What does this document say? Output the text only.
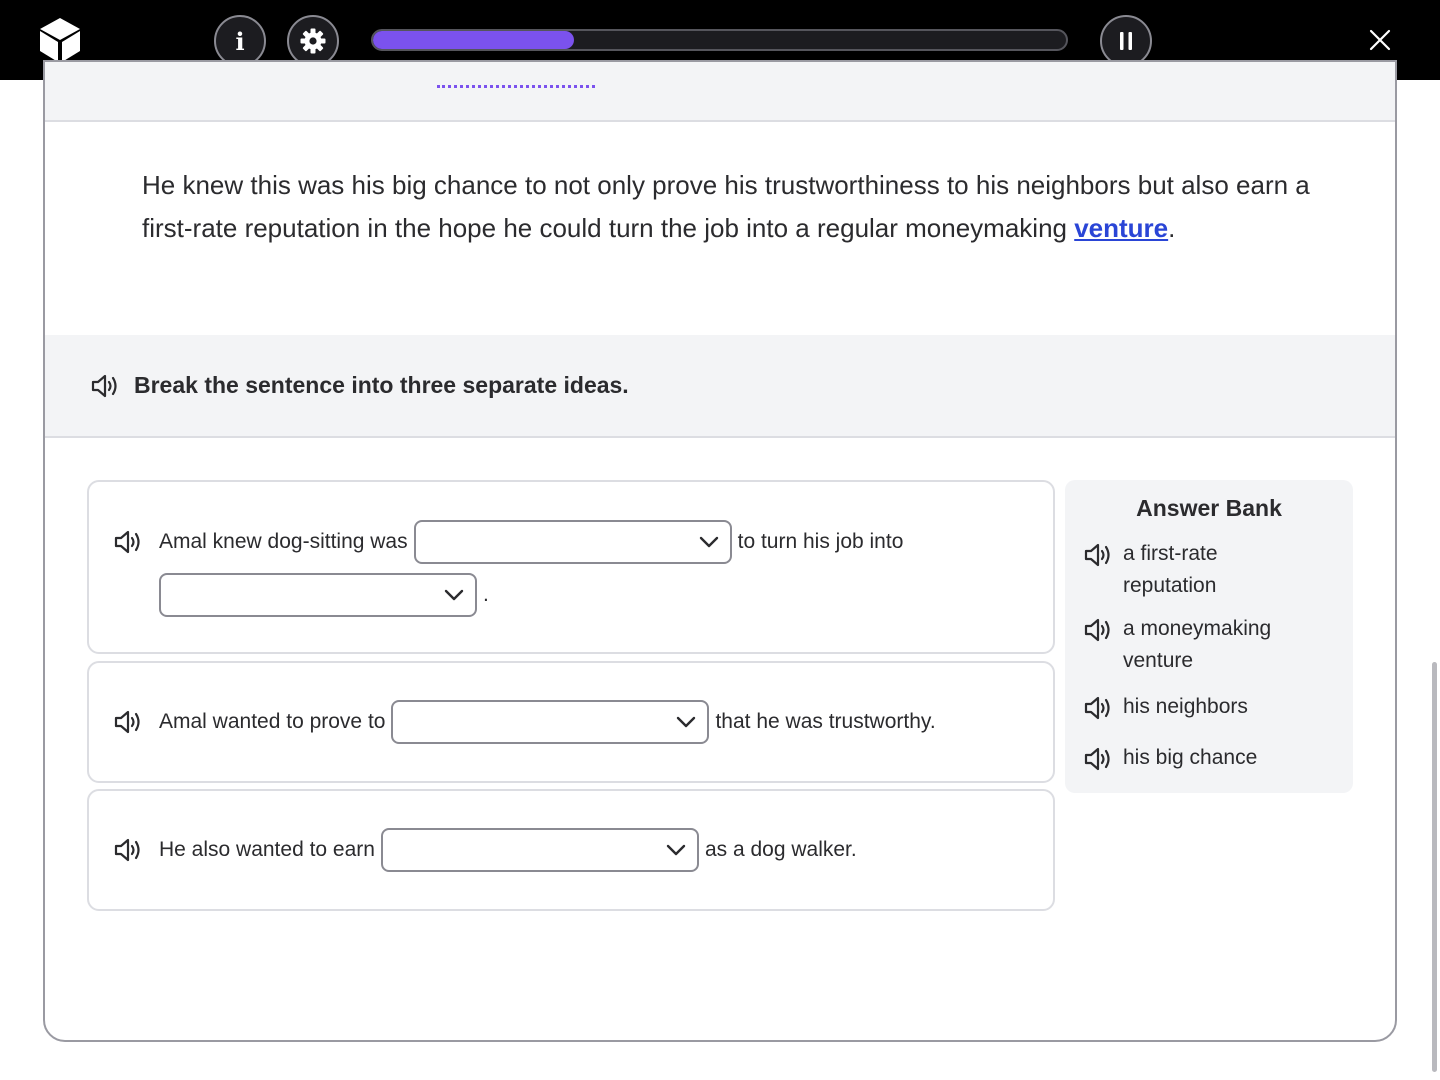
i
He knew this was his big chance to not only prove his trustworthiness to his neighbors but also earn a first-rate reputation in the hope he could turn the job into a regular moneymaking venture.
Break the sentence into three separate ideas.
Amal knew dog-sitting was	to turn his job into
.
Amal wanted to prove to	that he was trustworthy.
He also wanted to earn	as a dog walker.
Answer Bank
a first-rate
reputation
a moneymaking
venture
his neighbors
his big chance
